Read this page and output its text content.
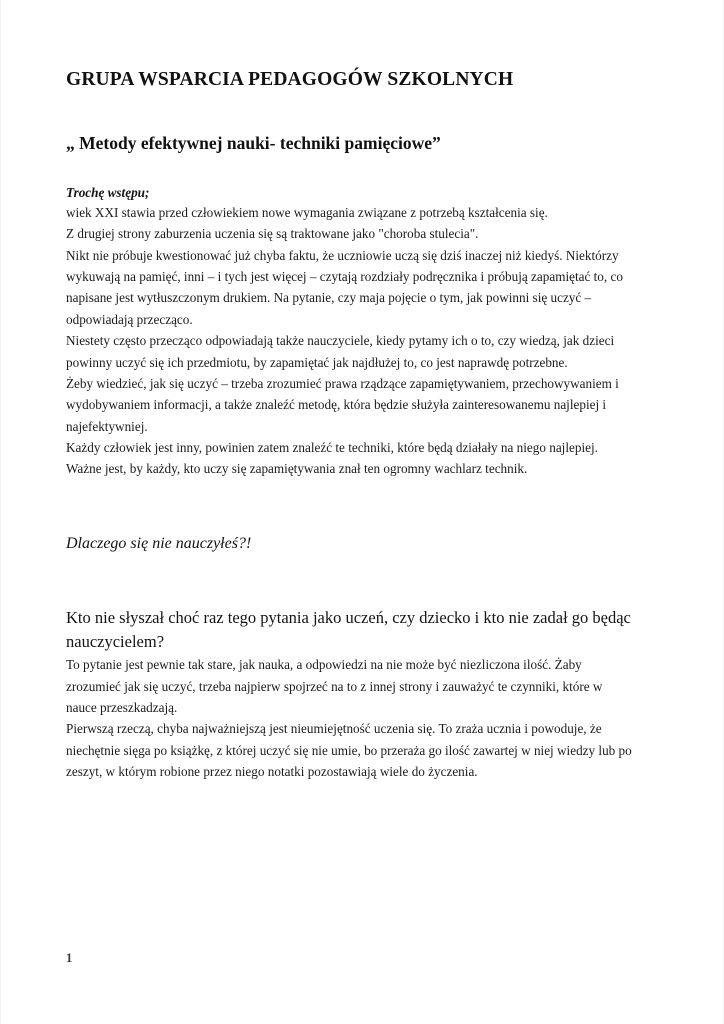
GRUPA WSPARCIA PEDAGOGÓW SZKOLNYCH
„ Metody efektywnej nauki- techniki pamięciowe”

Trochę wstępu;

wiek XXI stawia przed człowiekiem nowe wymagania związane z potrzebą kształcenia się.

Z drugiej strony zaburzenia uczenia się są traktowane jako "choroba stulecia".

Nikt nie próbuje kwestionować już chyba faktu, że uczniowie uczą się dziś inaczej niż kiedyś. Niektórzy wykuwają na pamięć, inni – i tych jest więcej – czytają rozdziały podręcznika i próbują zapamiętać to, co napisane jest wytłuszczonym drukiem. Na pytanie, czy maja pojęcie o tym, jak powinni się uczyć – odpowiadają przecząco.

Niestety często przecząco odpowiadają także nauczyciele, kiedy pytamy ich o to, czy wiedzą, jak dzieci powinny uczyć się ich przedmiotu, by zapamiętać jak najdłużej to, co jest naprawdę potrzebne.

Żeby wiedzieć, jak się uczyć – trzeba zrozumieć prawa rządzące zapamiętywaniem, przechowywaniem i wydobywaniem informacji, a także znaleźć metodę, która będzie służyła zainteresowanemu najlepiej i najefektywniej.

Każdy człowiek jest inny, powinien zatem znaleźć te techniki, które będą działały na niego najlepiej. Ważne jest, by każdy, kto uczy się zapamiętywania znał ten ogromny wachlarz technik.

Dlaczego się nie nauczyłeś?!

Kto nie słyszał choć raz tego pytania jako uczeń, czy dziecko i kto nie zadał go będąc nauczycielem?

To pytanie jest pewnie tak stare, jak nauka, a odpowiedzi na nie może być niezliczona ilość. Żaby zrozumieć jak się uczyć, trzeba najpierw spojrzeć na to z innej strony i zauważyć te czynniki, które w nauce przeszkadzają.

Pierwszą rzeczą, chyba najważniejszą jest nieumiejętność uczenia się. To zraża ucznia i powoduje, że niechętnie sięga po książkę, z której uczyć się nie umie, bo przeraża go ilość zawartej w niej wiedzy lub po zeszyt, w którym robione przez niego notatki pozostawiają wiele do życzenia.

1
